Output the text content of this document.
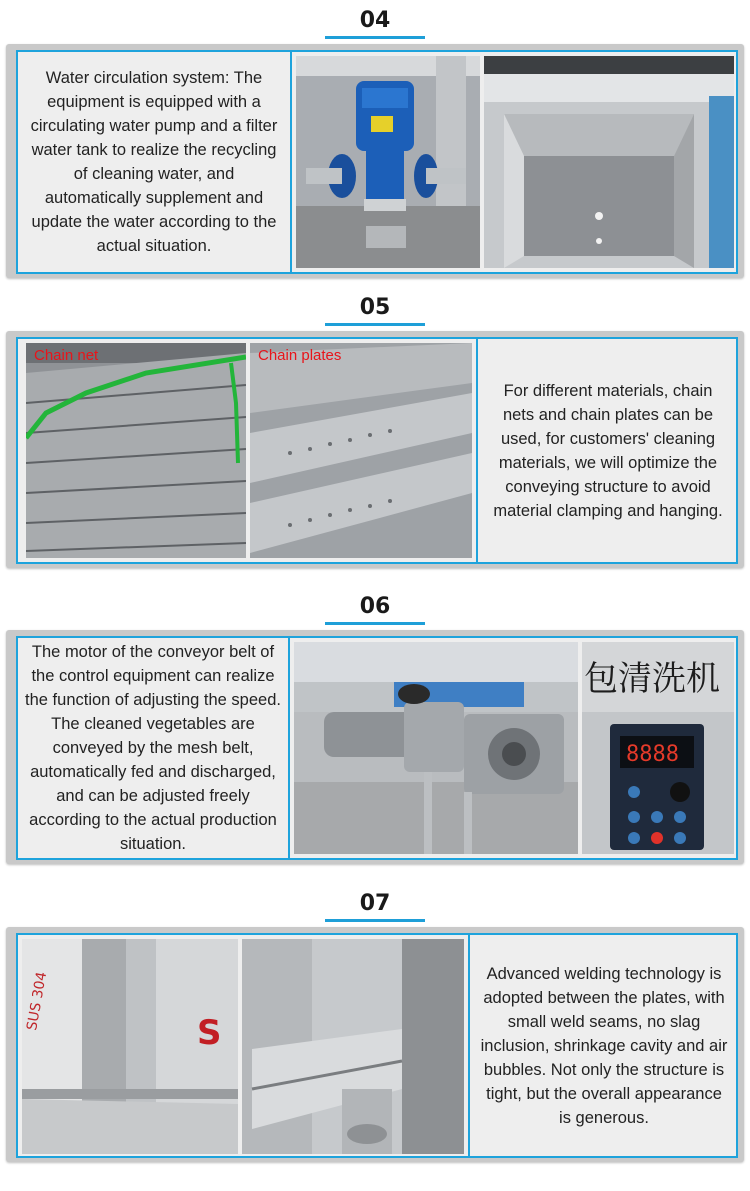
04
Water circulation system: The equipment is equipped with a circulating water pump and a filter water tank to realize the recycling of cleaning water, and automatically supplement and update the water according to the actual situation.
05
Chain net	Chain plates
For different materials, chain nets and chain plates can be used, for customers' cleaning materials, we will optimize the conveying structure to avoid material clamping and hanging.
06
The motor of the conveyor belt of the control equipment can realize the function of adjusting the speed. The cleaned vegetables are conveyed by the mesh belt, automatically fed and discharged, and can be adjusted freely according to the actual production situation.
包清洗机
8888
07
SUS 304
S
Advanced welding technology is adopted between the plates, with small weld seams, no slag inclusion, shrinkage cavity and air bubbles. Not only the structure is tight, but the overall appearance is generous.
